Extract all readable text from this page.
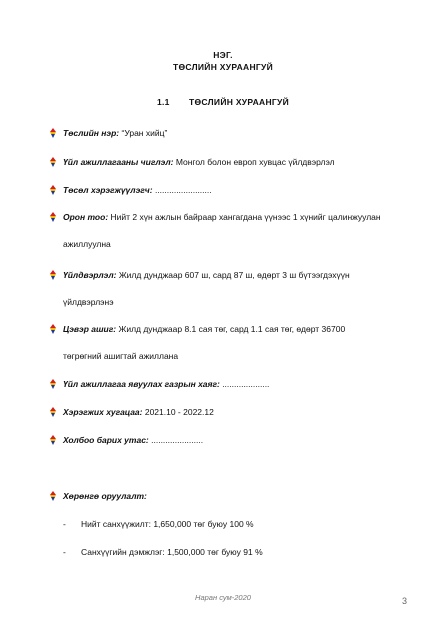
НЭГ.
ТӨСЛИЙН ХУРААНГУЙ
1.1 ТӨСЛИЙН ХУРААНГУЙ
Төслийн нэр: “Уран хийц”
Үйл ажиллагааны чиглэл: Монгол болон европ хувцас үйлдвэрлэл
Төсөл хэрэгжүүлэгч: ........................
Орон тоо: Нийт 2 хүн ажлын байраар хангагдана үүнээс 1 хүнийг цалинжуулан
ажиллуулна
Үйлдвэрлэл: Жилд дунджаар 607 ш, сард 87 ш, өдөрт 3 ш бүтээгдэхүүн
үйлдвэрлэнэ
Цэвэр ашиг: Жилд дунджаар 8.1 сая төг, сард 1.1 сая төг, өдөрт 36700
төгрөгний ашигтай ажиллана
Үйл ажиллагаа явуулах газрын хаяг: ....................
Хэрэгжих хугацаа: 2021.10 - 2022.12
Холбоо барих утас: ......................
Хөрөнгө оруулалт:
- Нийт санхүүжилт: 1,650,000 төг буюу 100 %
- Санхүүгийн дэмжлэг: 1,500,000 төг буюу 91 %
Наран сум-2020	3
